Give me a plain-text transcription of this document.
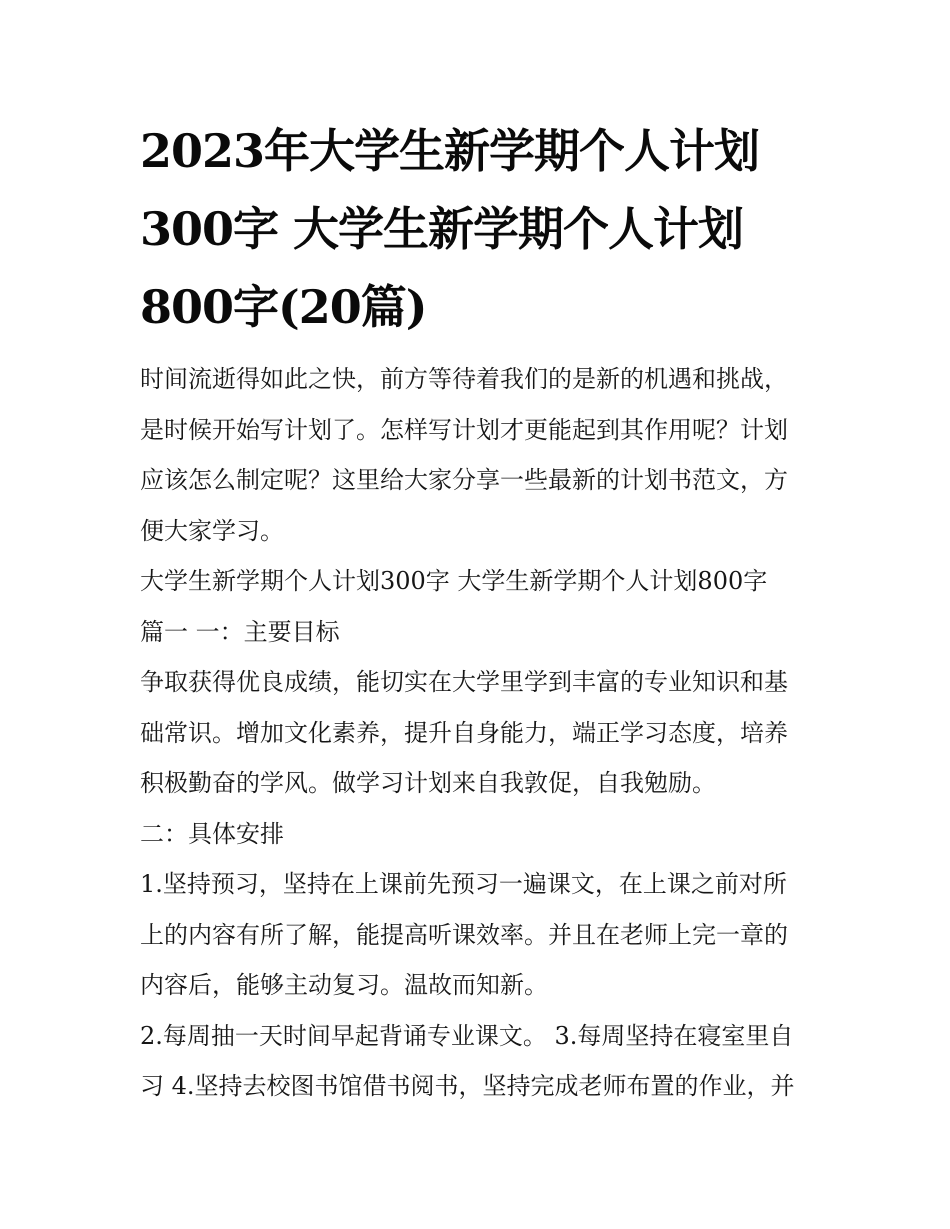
2023年大学生新学期个人计划
300字 大学生新学期个人计划
800字(20篇)

时间流逝得如此之快，前方等待着我们的是新的机遇和挑战，
是时候开始写计划了。怎样写计划才更能起到其作用呢？计划
应该怎么制定呢？这里给大家分享一些最新的计划书范文，方
便大家学习。

大学生新学期个人计划300字 大学生新学期个人计划800字

篇一 一：主要目标

争取获得优良成绩，能切实在大学里学到丰富的专业知识和基
础常识。增加文化素养，提升自身能力，端正学习态度，培养
积极勤奋的学风。做学习计划来自我敦促，自我勉励。

二：具体安排

1.坚持预习，坚持在上课前先预习一遍课文，在上课之前对所
上的内容有所了解，能提高听课效率。并且在老师上完一章的
内容后，能够主动复习。温故而知新。

2.每周抽一天时间早起背诵专业课文。 3.每周坚持在寝室里自
习 4.坚持去校图书馆借书阅书，坚持完成老师布置的作业，并
